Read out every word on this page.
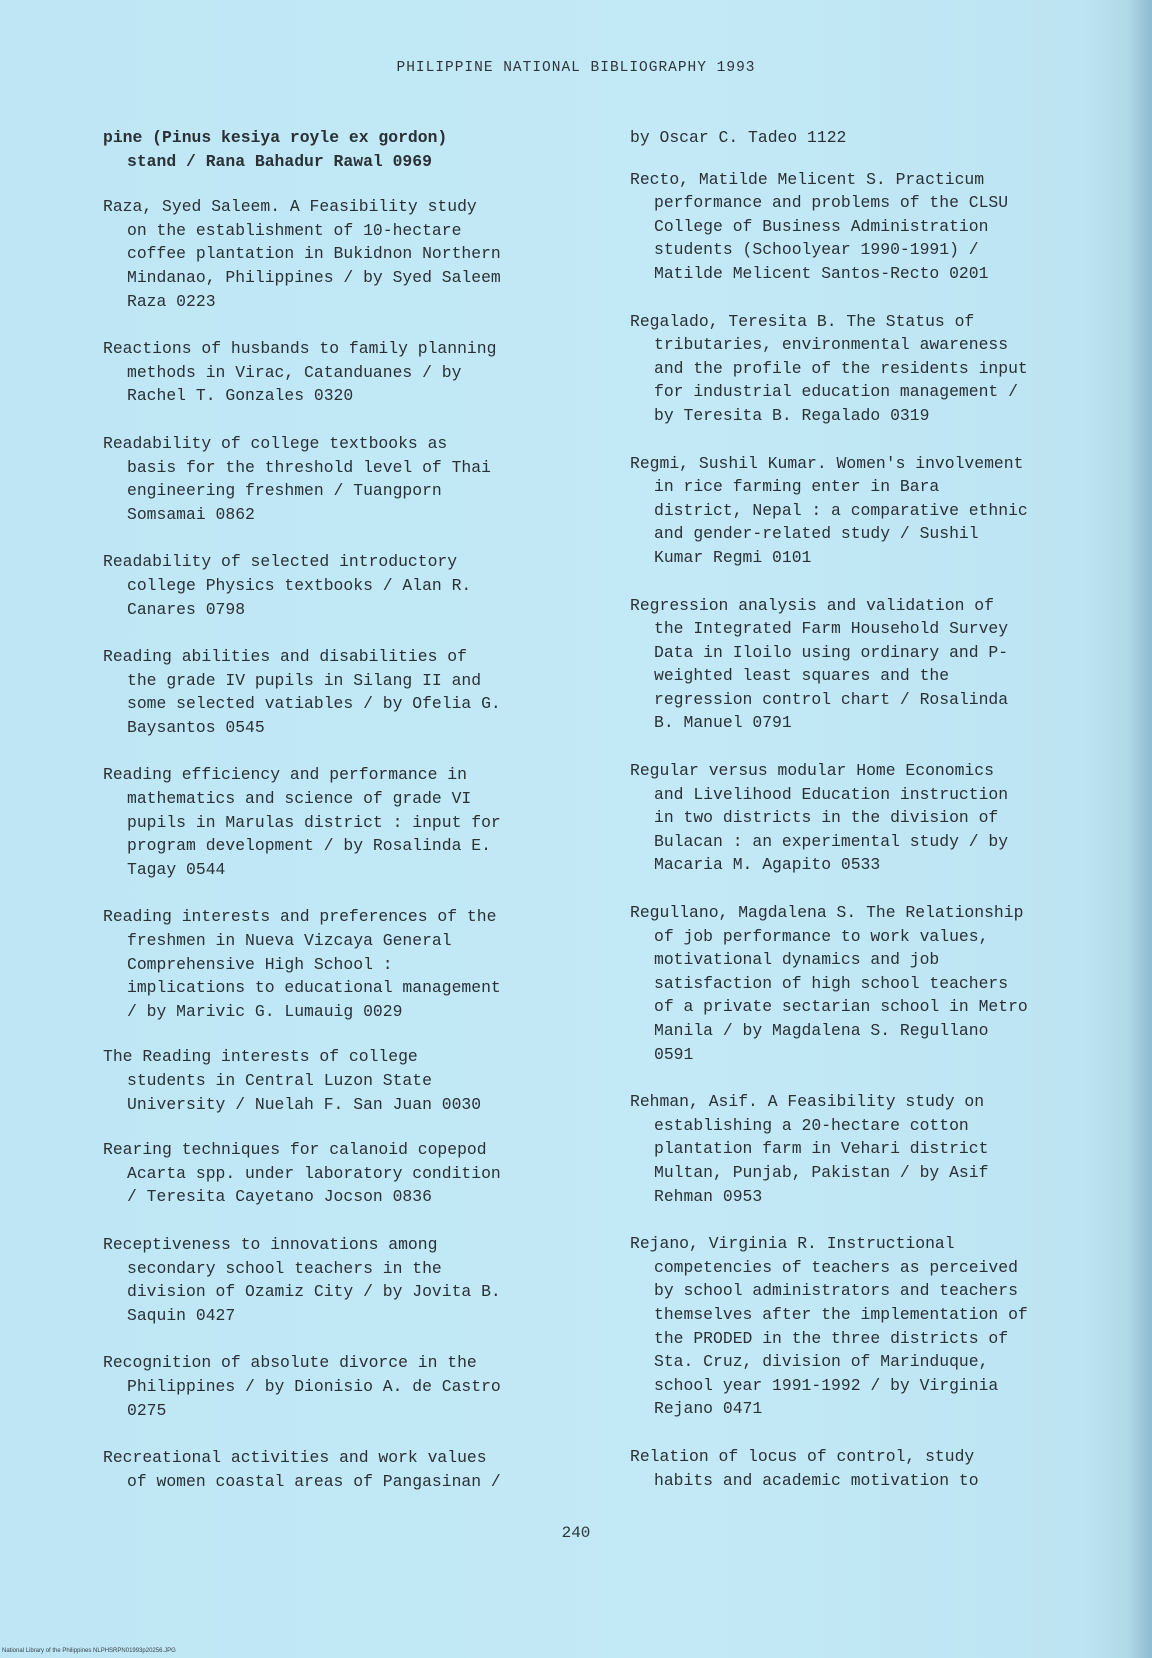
PHILIPPINE NATIONAL BIBLIOGRAPHY 1993

pine (Pinus kesiya royle ex gordon)
stand / Rana Bahadur Rawal 0969

Raza, Syed Saleem. A Feasibility study
on the establishment of 10-hectare
coffee plantation in Bukidnon Northern
Mindanao, Philippines / by Syed Saleem
Raza 0223

Reactions of husbands to family planning
methods in Virac, Catanduanes / by
Rachel T. Gonzales 0320

Readability of college textbooks as
basis for the threshold level of Thai
engineering freshmen / Tuangporn
Somsamai 0862

Readability of selected introductory
college Physics textbooks / Alan R.
Canares 0798

Reading abilities and disabilities of
the grade IV pupils in Silang II and
some selected vatiables / by Ofelia G.
Baysantos 0545

Reading efficiency and performance in
mathematics and science of grade VI
pupils in Marulas district : input for
program development / by Rosalinda E.
Tagay 0544

Reading interests and preferences of the
freshmen in Nueva Vizcaya General
Comprehensive High School :
implications to educational management
/ by Marivic G. Lumauig 0029

The Reading interests of college
students in Central Luzon State
University / Nuelah F. San Juan 0030

Rearing techniques for calanoid copepod
Acarta spp. under laboratory condition
/ Teresita Cayetano Jocson 0836

Receptiveness to innovations among
secondary school teachers in the
division of Ozamiz City / by Jovita B.
Saquin 0427

Recognition of absolute divorce in the
Philippines / by Dionisio A. de Castro
0275

Recreational activities and work values
of women coastal areas of Pangasinan /

by Oscar C. Tadeo 1122

Recto, Matilde Melicent S. Practicum
performance and problems of the CLSU
College of Business Administration
students (Schoolyear 1990-1991) /
Matilde Melicent Santos-Recto 0201

Regalado, Teresita B. The Status of
tributaries, environmental awareness
and the profile of the residents input
for industrial education management /
by Teresita B. Regalado 0319

Regmi, Sushil Kumar. Women's involvement
in rice farming enter in Bara
district, Nepal : a comparative ethnic
and gender-related study / Sushil
Kumar Regmi 0101

Regression analysis and validation of
the Integrated Farm Household Survey
Data in Iloilo using ordinary and P-
weighted least squares and the
regression control chart / Rosalinda
B. Manuel 0791

Regular versus modular Home Economics
and Livelihood Education instruction
in two districts in the division of
Bulacan : an experimental study / by
Macaria M. Agapito 0533

Regullano, Magdalena S. The Relationship
of job performance to work values,
motivational dynamics and job
satisfaction of high school teachers
of a private sectarian school in Metro
Manila / by Magdalena S. Regullano
0591

Rehman, Asif. A Feasibility study on
establishing a 20-hectare cotton
plantation farm in Vehari district
Multan, Punjab, Pakistan / by Asif
Rehman 0953

Rejano, Virginia R. Instructional
competencies of teachers as perceived
by school administrators and teachers
themselves after the implementation of
the PRODED in the three districts of
Sta. Cruz, division of Marinduque,
school year 1991-1992 / by Virginia
Rejano 0471

Relation of locus of control, study
habits and academic motivation to

240

National Library of the Philippines NLPHSRPN01993p20256.JPG
